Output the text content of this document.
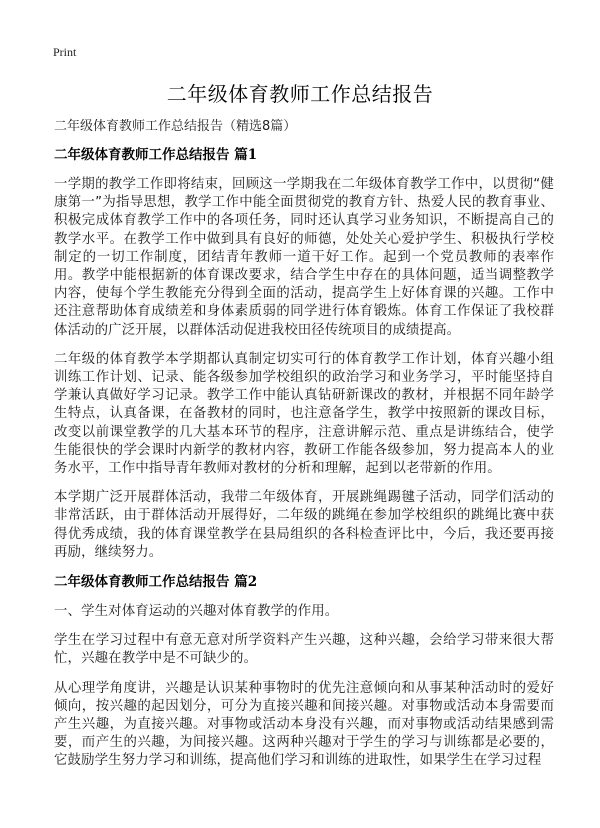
Print
二年级体育教师工作总结报告

二年级体育教师工作总结报告（精选8篇）

二年级体育教师工作总结报告 篇1

一学期的教学工作即将结束，回顾这一学期我在二年级体育教学工作中，以贯彻“健康第一”为指导思想，教学工作中能全面贯彻党的教育方针、热爱人民的教育事业、积极完成体育教学工作中的各项任务，同时还认真学习业务知识，不断提高自己的教学水平。在教学工作中做到具有良好的师德，处处关心爱护学生、积极执行学校制定的一切工作制度，团结青年教师一道干好工作。起到一个党员教师的表率作用。教学中能根据新的体育课改要求，结合学生中存在的具体问题，适当调整教学内容，使每个学生教能充分得到全面的活动，提高学生上好体育课的兴趣。工作中还注意帮助体育成绩差和身体素质弱的同学进行体育锻炼。体育工作保证了我校群体活动的广泛开展，以群体活动促进我校田径传统项目的成绩提高。

二年级的体育教学本学期都认真制定切实可行的体育教学工作计划，体育兴趣小组训练工作计划、记录、能各级参加学校组织的政治学习和业务学习，平时能坚持自学兼认真做好学习记录。教学工作中能认真钻研新课改的教材，并根据不同年龄学生特点，认真备课，在备教材的同时，也注意备学生，教学中按照新的课改目标，改变以前课堂教学的几大基本环节的程序，注意讲解示范、重点是讲练结合，使学生能很快的学会课时内新学的教材内容，教研工作能各级参加，努力提高本人的业务水平，工作中指导青年教师对教材的分析和理解，起到以老带新的作用。

本学期广泛开展群体活动，我带二年级体育，开展跳绳踢毽子活动，同学们活动的非常活跃，由于群体活动开展得好，二年级的跳绳在参加学校组织的跳绳比赛中获得优秀成绩，我的体育课堂教学在县局组织的各科检查评比中，今后，我还要再接再励，继续努力。

二年级体育教师工作总结报告 篇2

一、学生对体育运动的兴趣对体育教学的作用。

学生在学习过程中有意无意对所学资料产生兴趣，这种兴趣，会给学习带来很大帮忙，兴趣在教学中是不可缺少的。

从心理学角度讲，兴趣是认识某种事物时的优先注意倾向和从事某种活动时的爱好倾向，按兴趣的起因划分，可分为直接兴趣和间接兴趣。对事物或活动本身需要而产生兴趣，为直接兴趣。对事物或活动本身没有兴趣，而对事物或活动结果感到需要，而产生的兴趣，为间接兴趣。这两种兴趣对于学生的学习与训练都是必要的，它鼓励学生努力学习和训练，提高他们学习和训练的进取性，如果学生在学习过程
